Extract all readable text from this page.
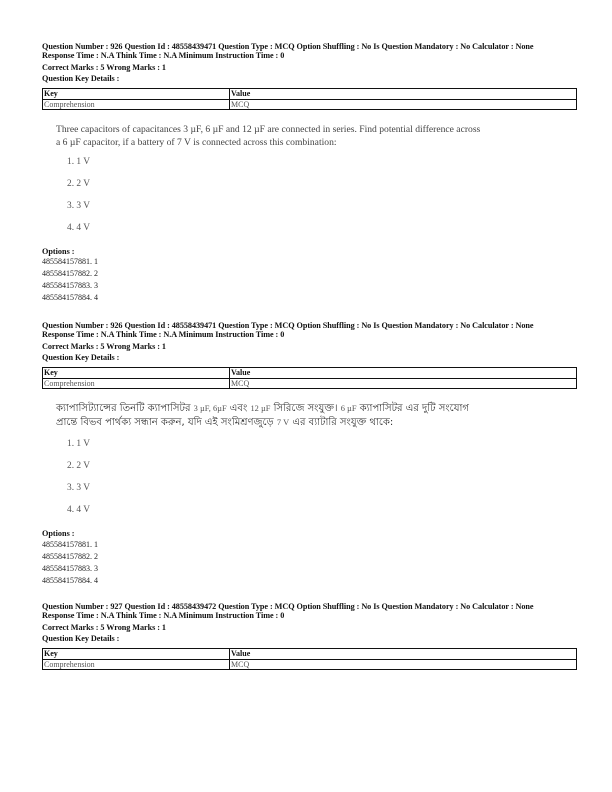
Question Number : 926 Question Id : 48558439471 Question Type : MCQ Option Shuffling : No Is Question Mandatory : No Calculator : None
Response Time : N.A Think Time : N.A Minimum Instruction Time : 0
Correct Marks : 5 Wrong Marks : 1
Question Key Details :
Key	Value
Comprehension	MCQ
Three capacitors of capacitances 3 µF, 6 µF and 12 µF are connected in series. Find potential difference across
a 6 µF capacitor, if a battery of 7 V is connected across this combination:
1. 1 V
2. 2 V
3. 3 V
4. 4 V
Options :
485584157881. 1
485584157882. 2
485584157883. 3
485584157884. 4
Question Number : 926 Question Id : 48558439471 Question Type : MCQ Option Shuffling : No Is Question Mandatory : No Calculator : None
Response Time : N.A Think Time : N.A Minimum Instruction Time : 0
Correct Marks : 5 Wrong Marks : 1
Question Key Details :
Key	Value
Comprehension	MCQ
ক্যাপাসিট্যান্সের তিনটি ক্যাপাসিটর 3 µF, 6µF এবং 12 µF সিরিজে সংযুক্ত। 6 µF ক্যাপাসিটর এর দুটি সংযোগ
প্রান্তে বিভব পার্থক্য সন্ধান করুন, যদি এই সংমিশ্রণজুড়ে 7 V এর ব্যাটারি সংযুক্ত থাকে:
1. 1 V
2. 2 V
3. 3 V
4. 4 V
Options :
485584157881. 1
485584157882. 2
485584157883. 3
485584157884. 4
Question Number : 927 Question Id : 48558439472 Question Type : MCQ Option Shuffling : No Is Question Mandatory : No Calculator : None
Response Time : N.A Think Time : N.A Minimum Instruction Time : 0
Correct Marks : 5 Wrong Marks : 1
Question Key Details :
Key	Value
Comprehension	MCQ
